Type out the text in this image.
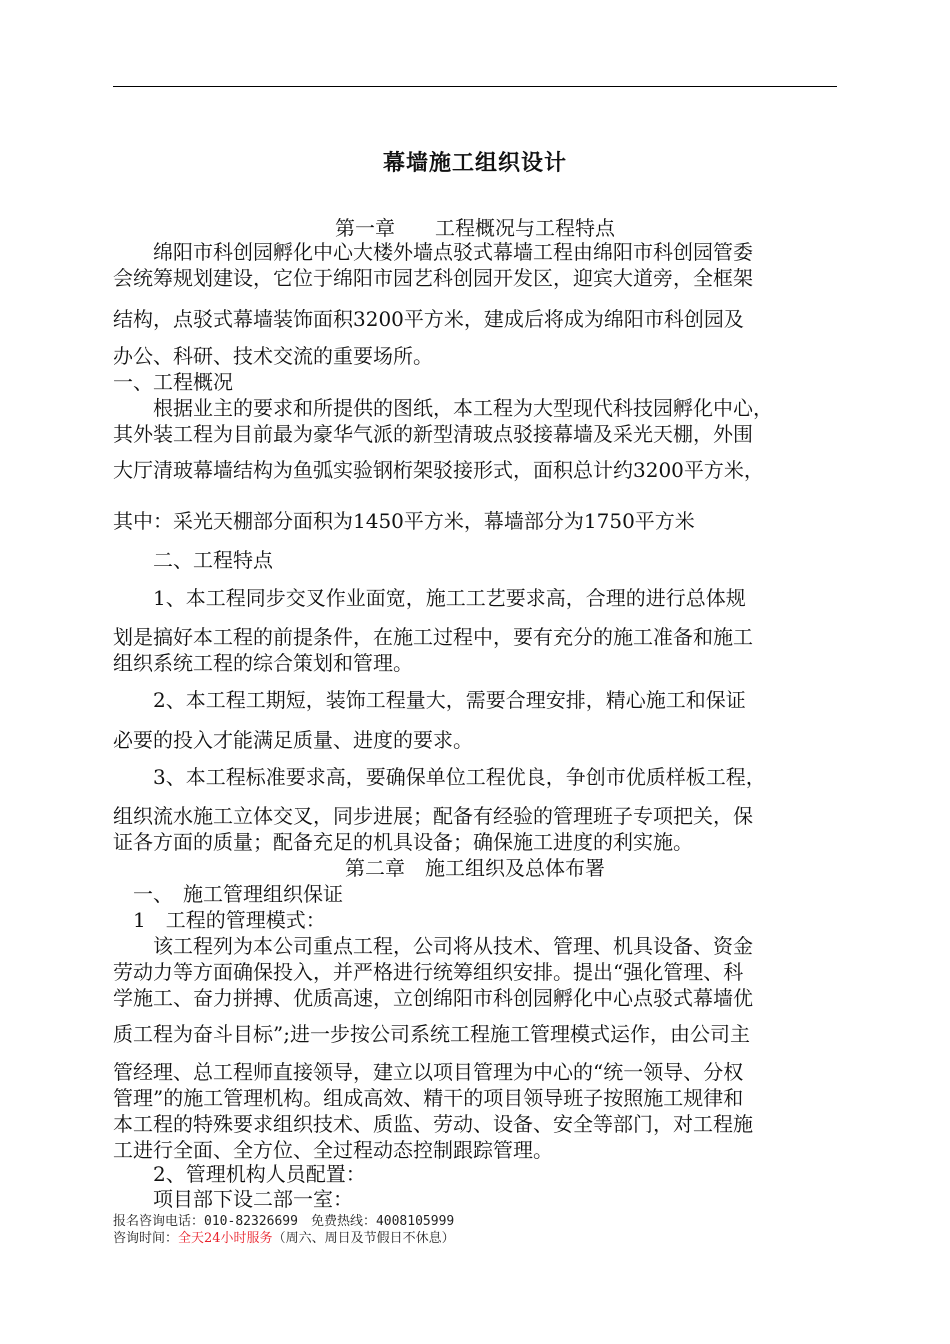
幕墙施工组织设计
第一章　　工程概况与工程特点
　　绵阳市科创园孵化中心大楼外墙点驳式幕墙工程由绵阳市科创园管委
会统筹规划建设，它位于绵阳市园艺科创园开发区，迎宾大道旁，全框架
结构，点驳式幕墙装饰面积3200平方米，建成后将成为绵阳市科创园及
办公、科研、技术交流的重要场所。
一、工程概况
　　根据业主的要求和所提供的图纸，本工程为大型现代科技园孵化中心，
其外装工程为目前最为豪华气派的新型清玻点驳接幕墙及采光天棚，外围
大厅清玻幕墙结构为鱼弧实验钢桁架驳接形式，面积总计约3200平方米，
其中：采光天棚部分面积为1450平方米，幕墙部分为1750平方米
　　二、工程特点
　　1、本工程同步交叉作业面宽，施工工艺要求高，合理的进行总体规
划是搞好本工程的前提条件，在施工过程中，要有充分的施工准备和施工
组织系统工程的综合策划和管理。
　　2、本工程工期短，装饰工程量大，需要合理安排，精心施工和保证
必要的投入才能满足质量、进度的要求。
　　3、本工程标准要求高，要确保单位工程优良，争创市优质样板工程，
组织流水施工立体交叉，同步进展；配备有经验的管理班子专项把关，保
证各方面的质量；配备充足的机具设备；确保施工进度的利实施。
第二章　施工组织及总体布署
　一、　施工管理组织保证
　1　工程的管理模式：
　　该工程列为本公司重点工程，公司将从技术、管理、机具设备、资金
劳动力等方面确保投入，并严格进行统筹组织安排。提出“强化管理、科
学施工、奋力拼搏、优质高速，立创绵阳市科创园孵化中心点驳式幕墙优
质工程为奋斗目标”;进一步按公司系统工程施工管理模式运作，由公司主
管经理、总工程师直接领导，建立以项目管理为中心的“统一领导、分权
管理”的施工管理机构。组成高效、精干的项目领导班子按照施工规律和
本工程的特殊要求组织技术、质监、劳动、设备、安全等部门，对工程施
工进行全面、全方位、全过程动态控制跟踪管理。
　　2、管理机构人员配置：
　　项目部下设二部一室：
报名咨询电话：010-82326699　免费热线：4008105999
咨询时间：全天24小时服务（周六、周日及节假日不休息）
